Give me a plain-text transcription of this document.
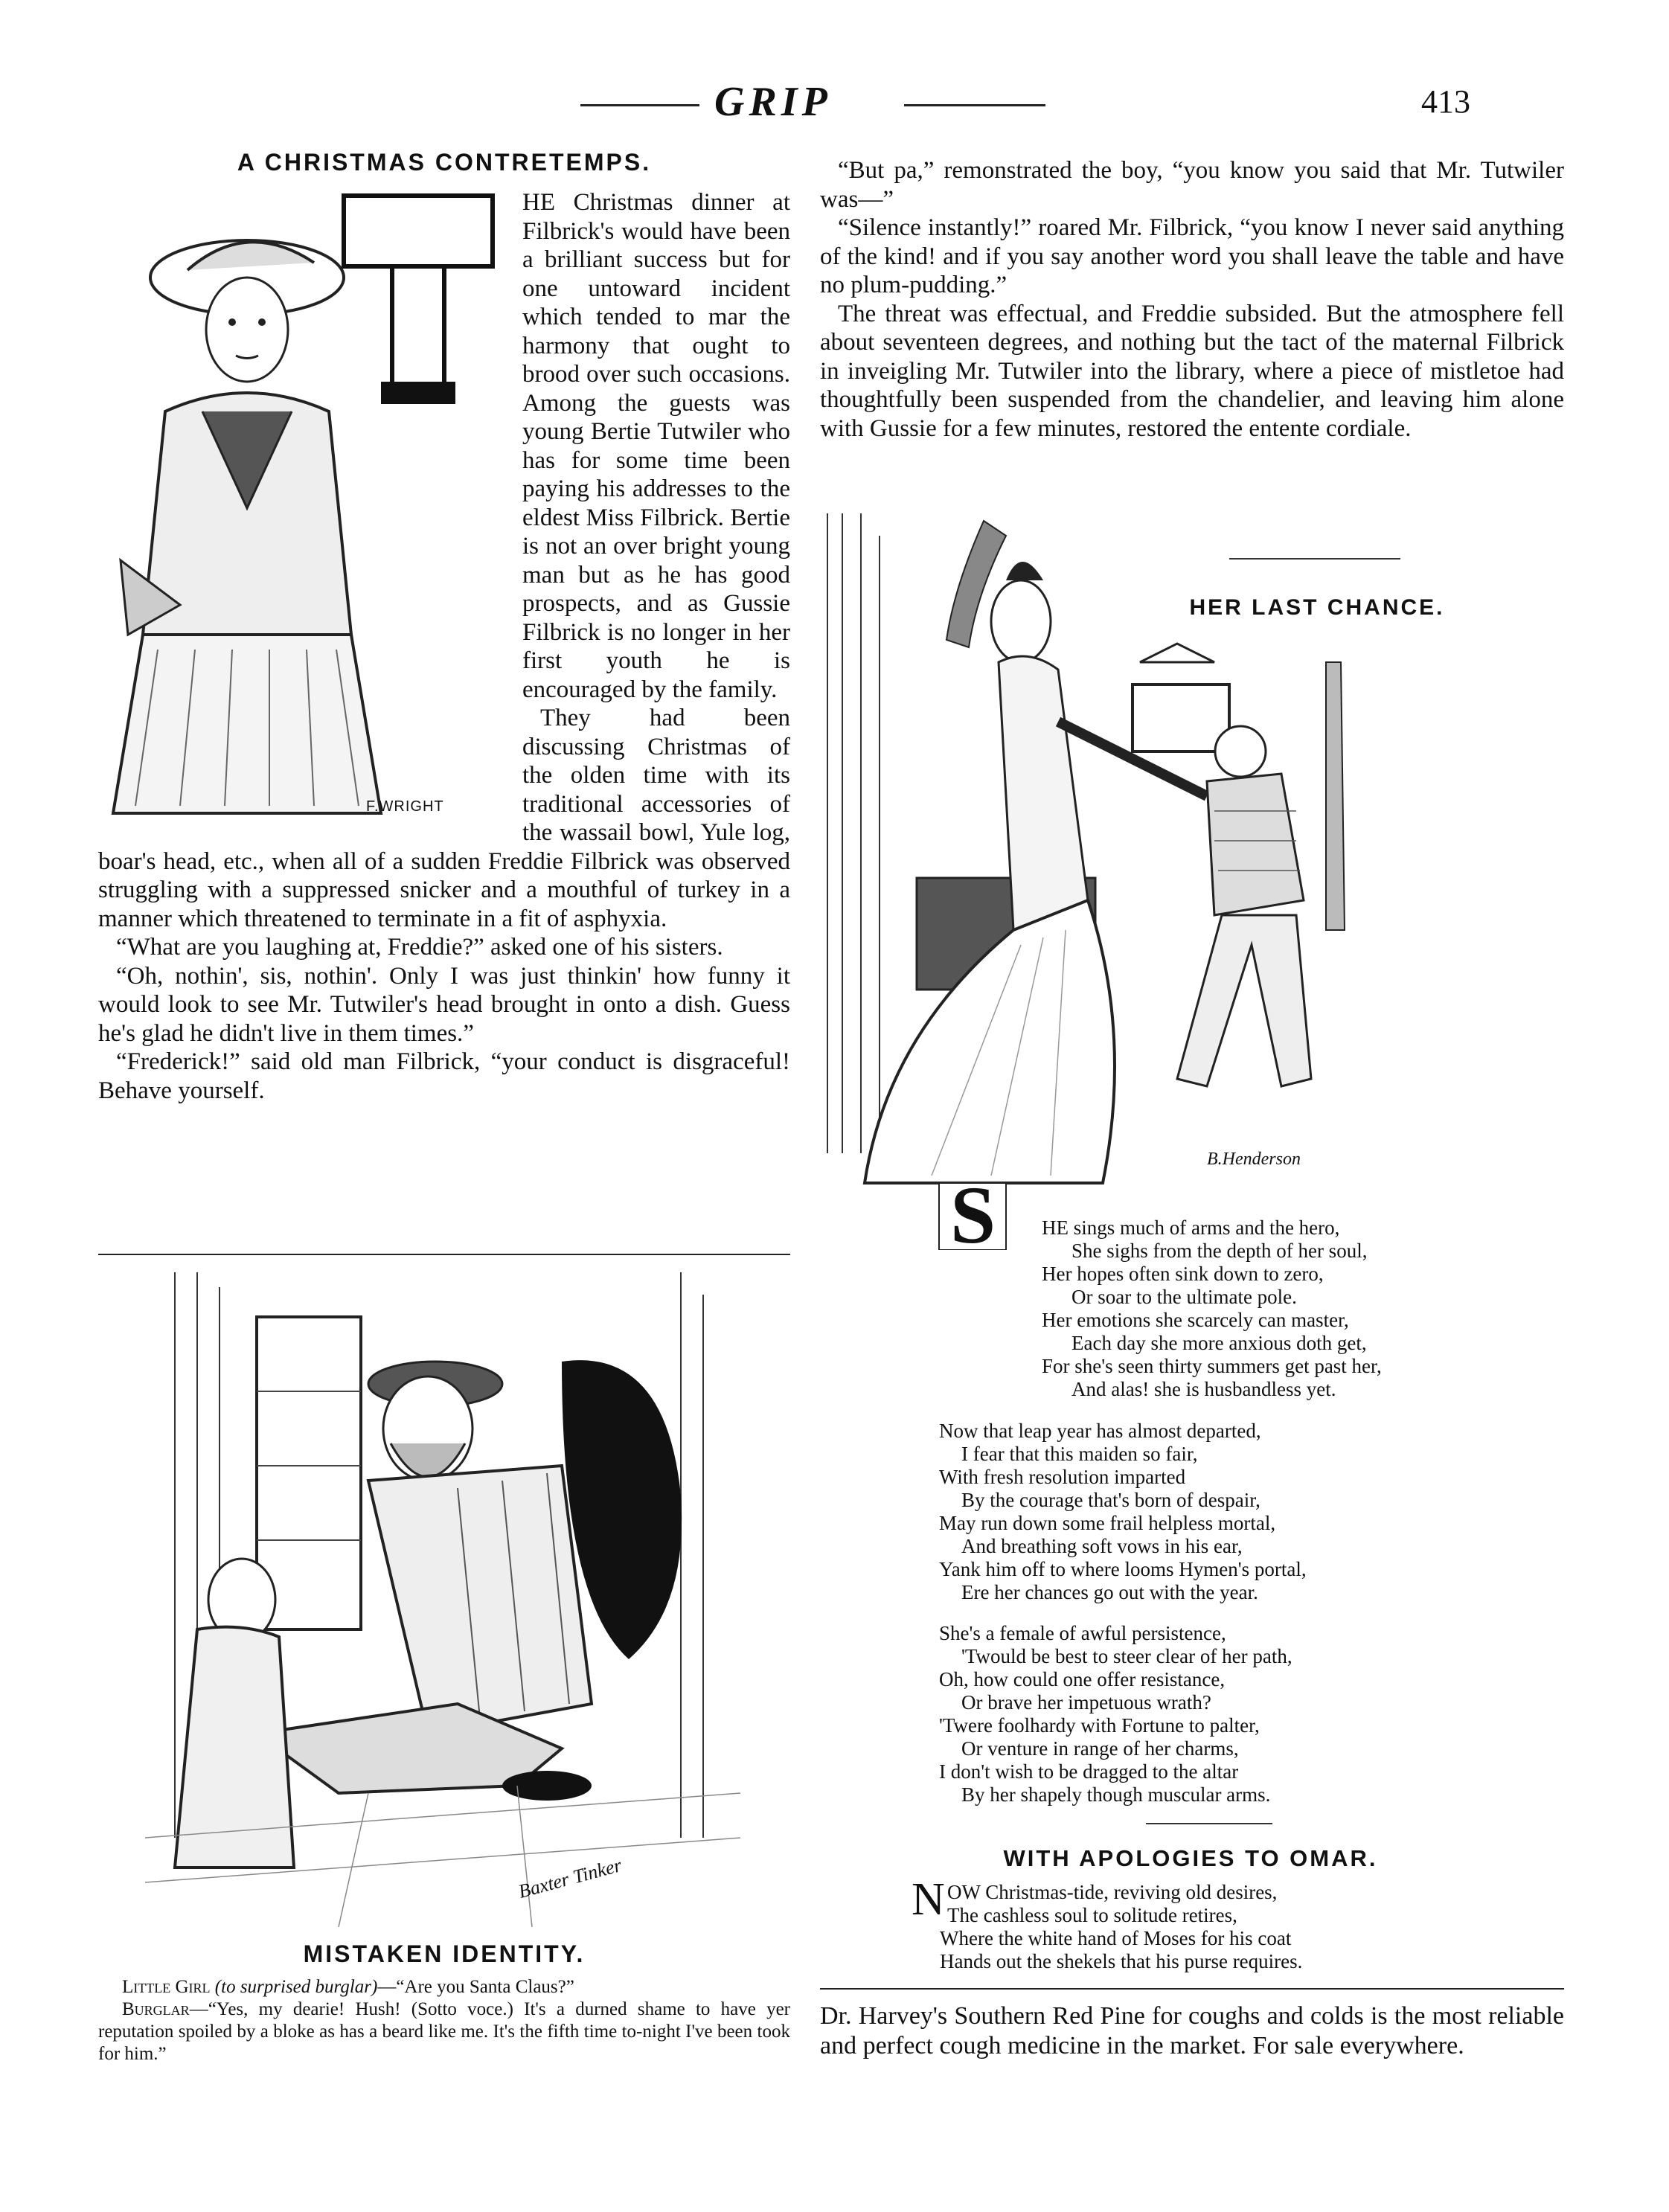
GRIP	413
A CHRISTMAS CONTRETEMPS.
F.WRIGHT

HE Christmas dinner at Filbrick's would have been a brilliant success but for one untoward incident which tended to mar the harmony that ought to brood over such occasions. Among the guests was young Bertie Tutwiler who has for some time been paying his addresses to the eldest Miss Filbrick. Bertie is not an over bright young man but as he has good prospects, and as Gussie Filbrick is no longer in her first youth he is encouraged by the family.

They had been discussing Christmas of the olden time with its traditional accessories of the wassail bowl, Yule log, boar's head, etc., when all of a sudden Freddie Filbrick was observed struggling with a suppressed snicker and a mouthful of turkey in a manner which threatened to terminate in a fit of asphyxia.

“What are you laughing at, Freddie?” asked one of his sisters.

“Oh, nothin', sis, nothin'. Only I was just thinkin' how funny it would look to see Mr. Tutwiler's head brought in onto a dish. Guess he's glad he didn't live in them times.”

“Frederick!” said old man Filbrick, “your conduct is disgraceful! Behave yourself.

Baxter Tinker
MISTAKEN IDENTITY.
Little Girl (to surprised burglar)—“Are you Santa Claus?”
Burglar—“Yes, my dearie! Hush! (Sotto voce.) It's a durned shame to have yer reputation spoiled by a bloke as has a beard like me. It's the fifth time to-night I've been took for him.”

“But pa,” remonstrated the boy, “you know you said that Mr. Tutwiler was—”

“Silence instantly!” roared Mr. Filbrick, “you know I never said anything of the kind! and if you say another word you shall leave the table and have no plum-pudding.”

The threat was effectual, and Freddie subsided. But the atmosphere fell about seventeen degrees, and nothing but the tact of the maternal Filbrick in inveigling Mr. Tutwiler into the library, where a piece of mistletoe had thoughtfully been suspended from the chandelier, and leaving him alone with Gussie for a few minutes, restored the entente cordiale.

S
B.Henderson
HER LAST CHANCE.
HE sings much of arms and the hero,
She sighs from the depth of her soul,
Her hopes often sink down to zero,
Or soar to the ultimate pole.
Her emotions she scarcely can master,
Each day she more anxious doth get,
For she's seen thirty summers get past her,
And alas! she is husbandless yet.
Now that leap year has almost departed,
I fear that this maiden so fair,
With fresh resolution imparted
By the courage that's born of despair,
May run down some frail helpless mortal,
And breathing soft vows in his ear,
Yank him off to where looms Hymen's portal,
Ere her chances go out with the year.
She's a female of awful persistence,
'Twould be best to steer clear of her path,
Oh, how could one offer resistance,
Or brave her impetuous wrath?
'Twere foolhardy with Fortune to palter,
Or venture in range of her charms,
I don't wish to be dragged to the altar
By her shapely though muscular arms.
WITH APOLOGIES TO OMAR.
N OW Christmas-tide, reviving old desires,
The cashless soul to solitude retires,
Where the white hand of Moses for his coat
Hands out the shekels that his purse requires.
Dr. Harvey's Southern Red Pine for coughs and colds is the most reliable and perfect cough medicine in the market. For sale everywhere.
